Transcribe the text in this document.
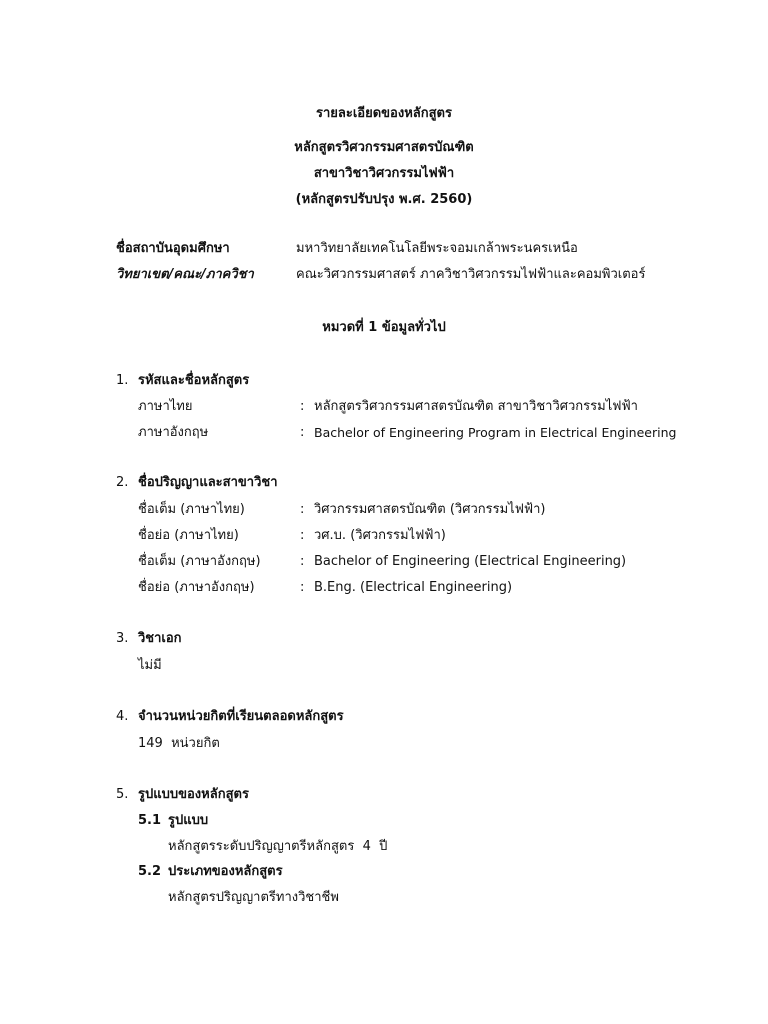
รายละเอียดของหลักสูตร
หลักสูตรวิศวกรรมศาสตรบัณฑิต
สาขาวิชาวิศวกรรมไฟฟ้า
(หลักสูตรปรับปรุง พ.ศ. 2560)
ชื่อสถาบันอุดมศึกษา	มหาวิทยาลัยเทคโนโลยีพระจอมเกล้าพระนครเหนือ
วิทยาเขต/คณะ/ภาควิชา	คณะวิศวกรรมศาสตร์ ภาควิชาวิศวกรรมไฟฟ้าและคอมพิวเตอร์
หมวดที่ 1 ข้อมูลทั่วไป
1. รหัสและชื่อหลักสูตร
ภาษาไทย	: หลักสูตรวิศวกรรมศาสตรบัณฑิต สาขาวิชาวิศวกรรมไฟฟ้า
ภาษาอังกฤษ	: Bachelor of Engineering Program in Electrical Engineering
2. ชื่อปริญญาและสาขาวิชา
ชื่อเต็ม (ภาษาไทย)	: วิศวกรรมศาสตรบัณฑิต (วิศวกรรมไฟฟ้า)
ชื่อย่อ (ภาษาไทย)	: วศ.บ. (วิศวกรรมไฟฟ้า)
ชื่อเต็ม (ภาษาอังกฤษ)	: Bachelor of Engineering (Electrical Engineering)
ชื่อย่อ (ภาษาอังกฤษ)	: B.Eng. (Electrical Engineering)
3. วิชาเอก
ไม่มี
4. จำนวนหน่วยกิตที่เรียนตลอดหลักสูตร
149  หน่วยกิต
5. รูปแบบของหลักสูตร
5.1 รูปแบบ
หลักสูตรระดับปริญญาตรีหลักสูตร  4  ปี
5.2 ประเภทของหลักสูตร
หลักสูตรปริญญาตรีทางวิชาชีพ
